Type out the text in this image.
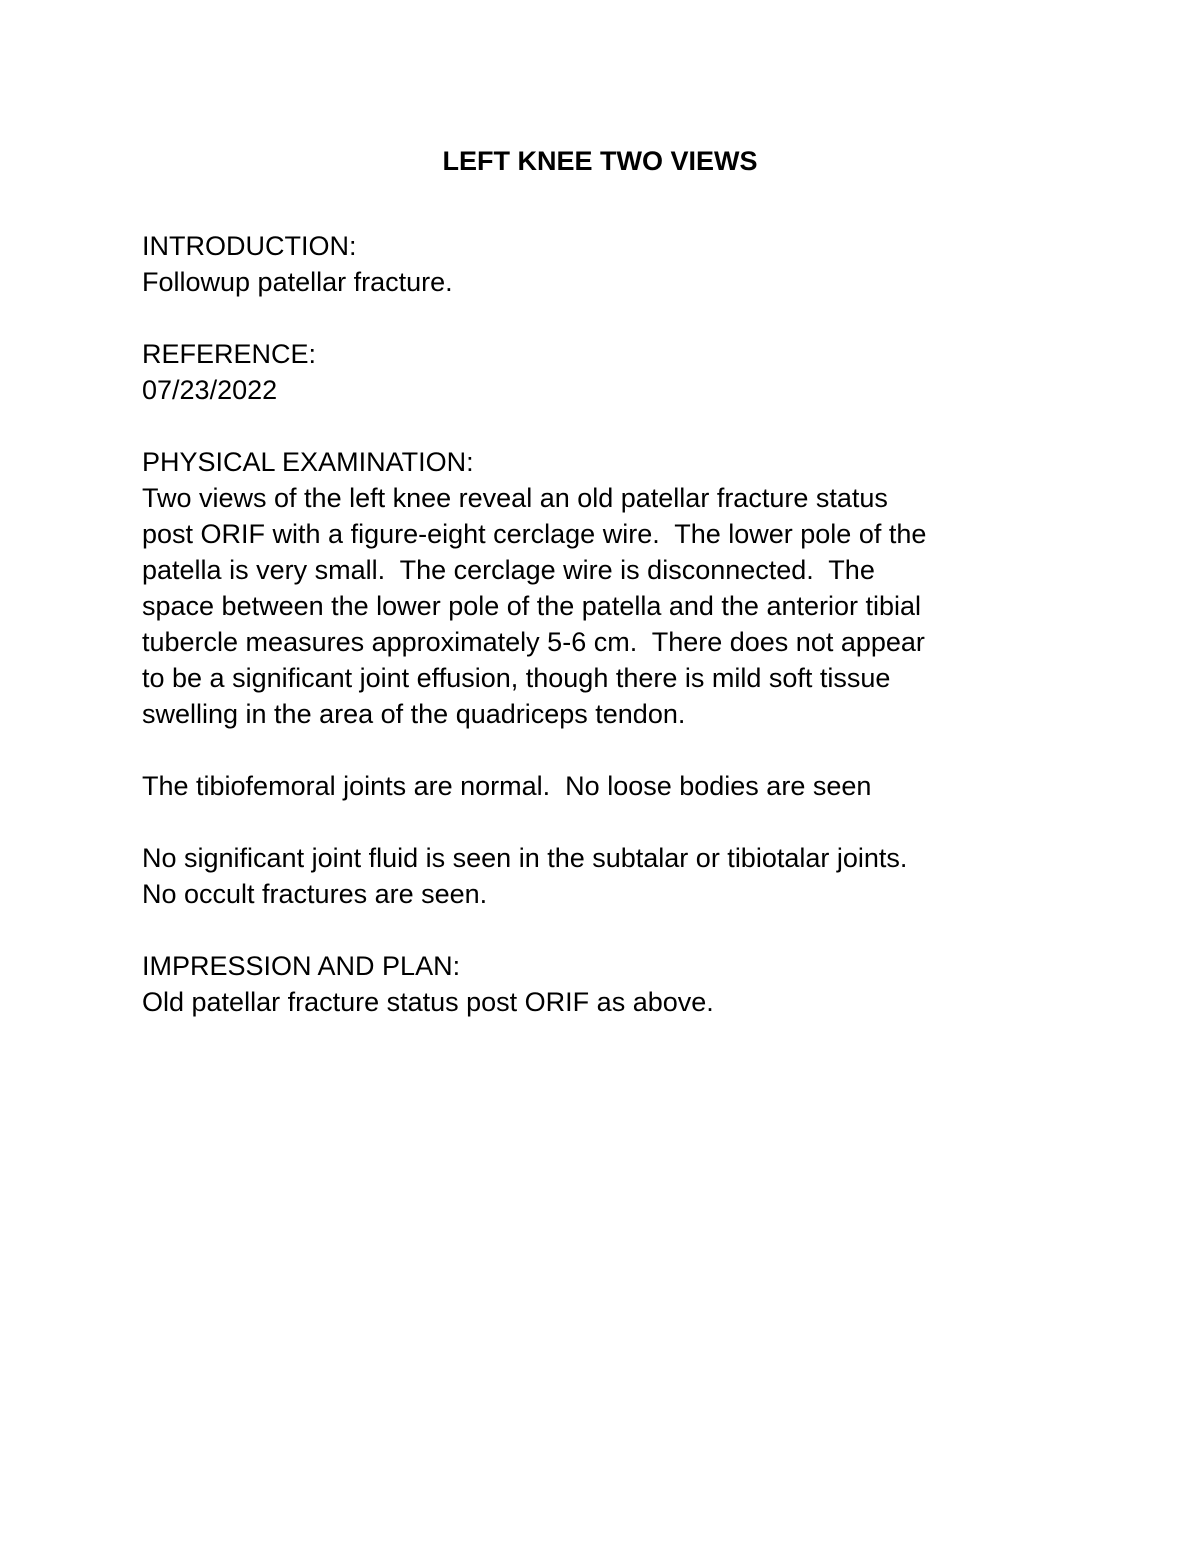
LEFT KNEE TWO VIEWS
INTRODUCTION:
Followup patellar fracture.
REFERENCE:
07/23/2022
PHYSICAL EXAMINATION:
Two views of the left knee reveal an old patellar fracture status
post ORIF with a figure-eight cerclage wire.  The lower pole of the
patella is very small.  The cerclage wire is disconnected.  The
space between the lower pole of the patella and the anterior tibial
tubercle measures approximately 5-6 cm.  There does not appear
to be a significant joint effusion, though there is mild soft tissue
swelling in the area of the quadriceps tendon.
The tibiofemoral joints are normal.  No loose bodies are seen
No significant joint fluid is seen in the subtalar or tibiotalar joints.
No occult fractures are seen.
IMPRESSION AND PLAN:
Old patellar fracture status post ORIF as above.
